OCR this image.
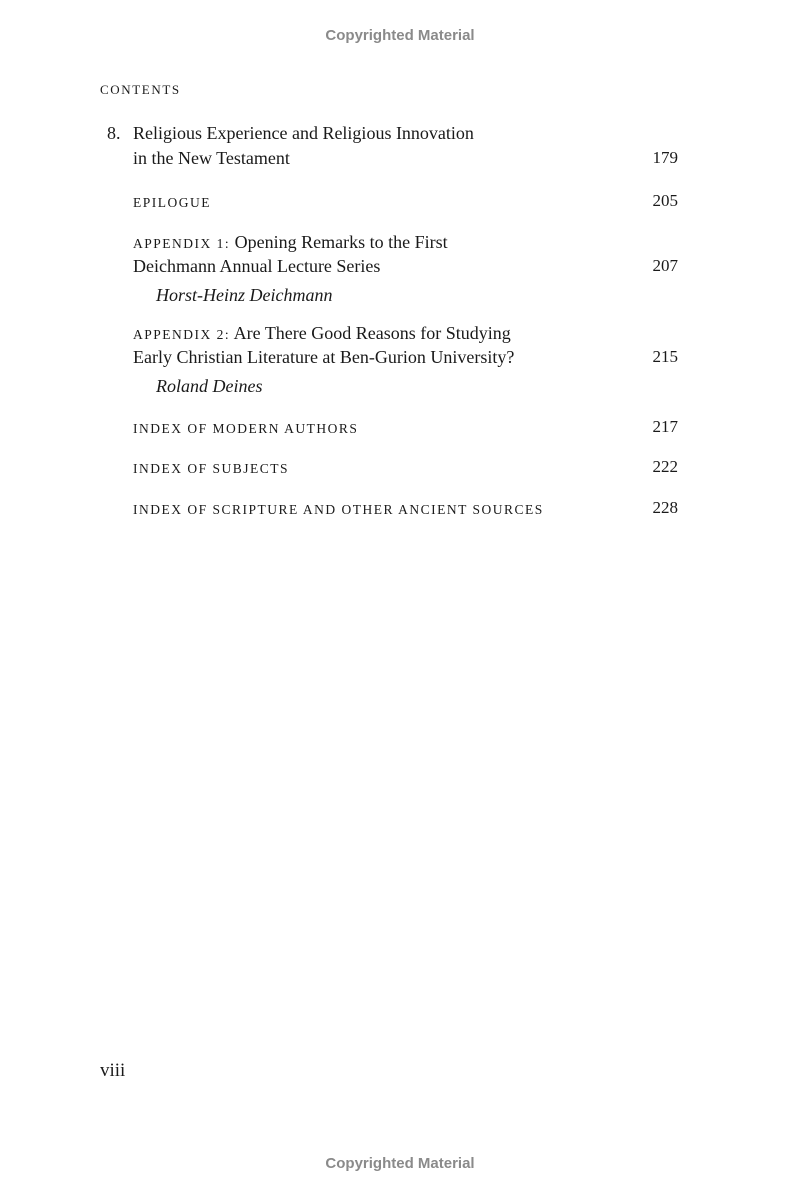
Copyrighted Material
CONTENTS
8. Religious Experience and Religious Innovation
in the New Testament	179
EPILOGUE	205
APPENDIX 1: Opening Remarks to the First
Deichmann Annual Lecture Series	207
Horst-Heinz Deichmann
APPENDIX 2: Are There Good Reasons for Studying
Early Christian Literature at Ben-Gurion University?	215
Roland Deines
INDEX OF MODERN AUTHORS	217
INDEX OF SUBJECTS	222
INDEX OF SCRIPTURE AND OTHER ANCIENT SOURCES	228
viii
Copyrighted Material
